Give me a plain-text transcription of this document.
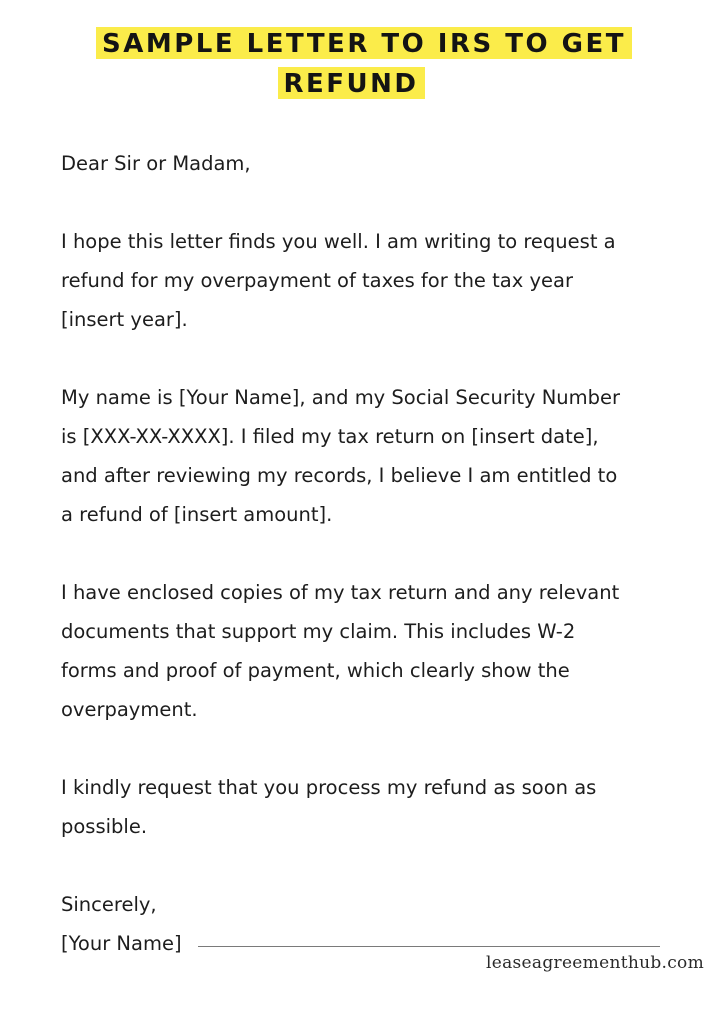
SAMPLE LETTER TO IRS TO GET
REFUND

Dear Sir or Madam,

I hope this letter finds you well. I am writing to request a

refund for my overpayment of taxes for the tax year

[insert year].

My name is [Your Name], and my Social Security Number

is [XXX-XX-XXXX]. I filed my tax return on [insert date],

and after reviewing my records, I believe I am entitled to

a refund of [insert amount].

I have enclosed copies of my tax return and any relevant

documents that support my claim. This includes W-2

forms and proof of payment, which clearly show the

overpayment.

I kindly request that you process my refund as soon as

possible.

Sincerely,

[Your Name]
leaseagreementhub.com
